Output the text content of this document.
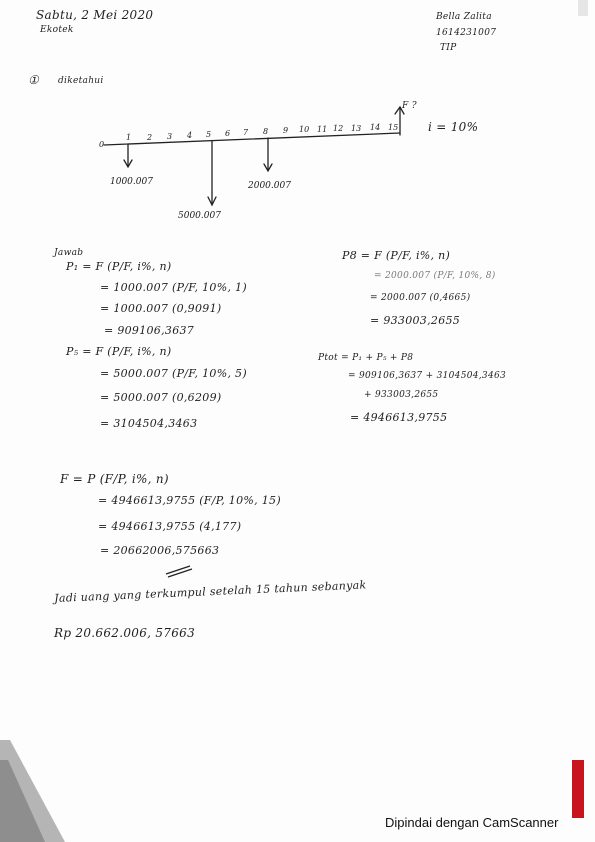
Sabtu, 2 Mei 2020
Ekotek
Bella Zalita
1614231007
TIP
① diketahui
F ?
i = 10%
0
1 2 3 4 5 6 7 8 9 10 11 12 13 14 15
1000.007
5000.007
2000.007
Jawab
P₁ = F (P/F, i%, n)
= 1000.007 (P/F, 10%, 1)
= 1000.007 (0,9091)
= 909106,3637
P₅ = F (P/F, i%, n)
= 5000.007 (P/F, 10%, 5)
= 5000.007 (0,6209)
= 3104504,3463
P8 = F (P/F, i%, n)
= 2000.007 (P/F, 10%, 8)
= 2000.007 (0,4665)
= 933003,2655
Ptot = P₁ + P₅ + P8
= 909106,3637 + 3104504,3463
+ 933003,2655
= 4946613,9755
F = P (F/P, i%, n)
= 4946613,9755 (F/P, 10%, 15)
= 4946613,9755 (4,177)
= 20662006,575663
Jadi uang yang terkumpul setelah 15 tahun sebanyak
Rp 20.662.006, 57663
Dipindai dengan CamScanner
